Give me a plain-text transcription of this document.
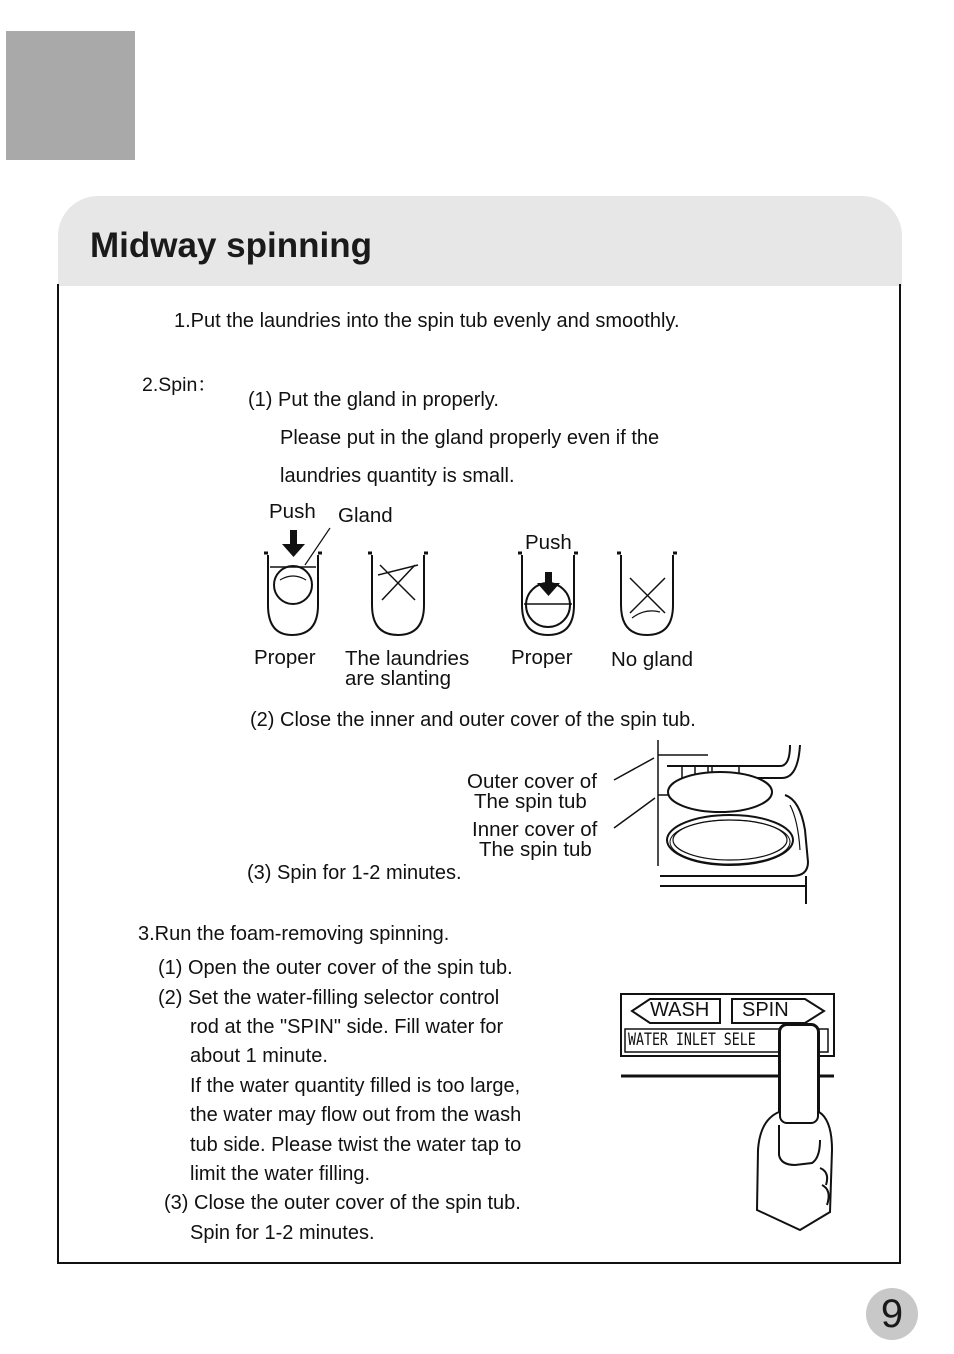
Midway spinning
1.Put the laundries into the spin tub evenly and smoothly.
2.Spin：
(1) Put the gland in properly.
Please put in the gland properly even if the
laundries quantity is small.
Push Gland
Push
Proper The laundries
are slanting
Proper No gland
(2) Close the inner and outer cover of the spin tub.
Outer cover of
The spin tub
Inner cover of
The spin tub
(3) Spin for 1-2 minutes.
3.Run the foam-removing spinning.
(1) Open the outer cover of the spin tub.
(2) Set the water-filling selector control
rod at the "SPIN" side. Fill water for
about 1 minute.
If the water quantity filled is too large,
the water may flow out from the wash
tub side. Please twist the water tap to
limit the water filling.
(3) Close the outer cover of the spin tub.
Spin for 1-2 minutes.
WASH SPIN
WATER INLET SELE
9
